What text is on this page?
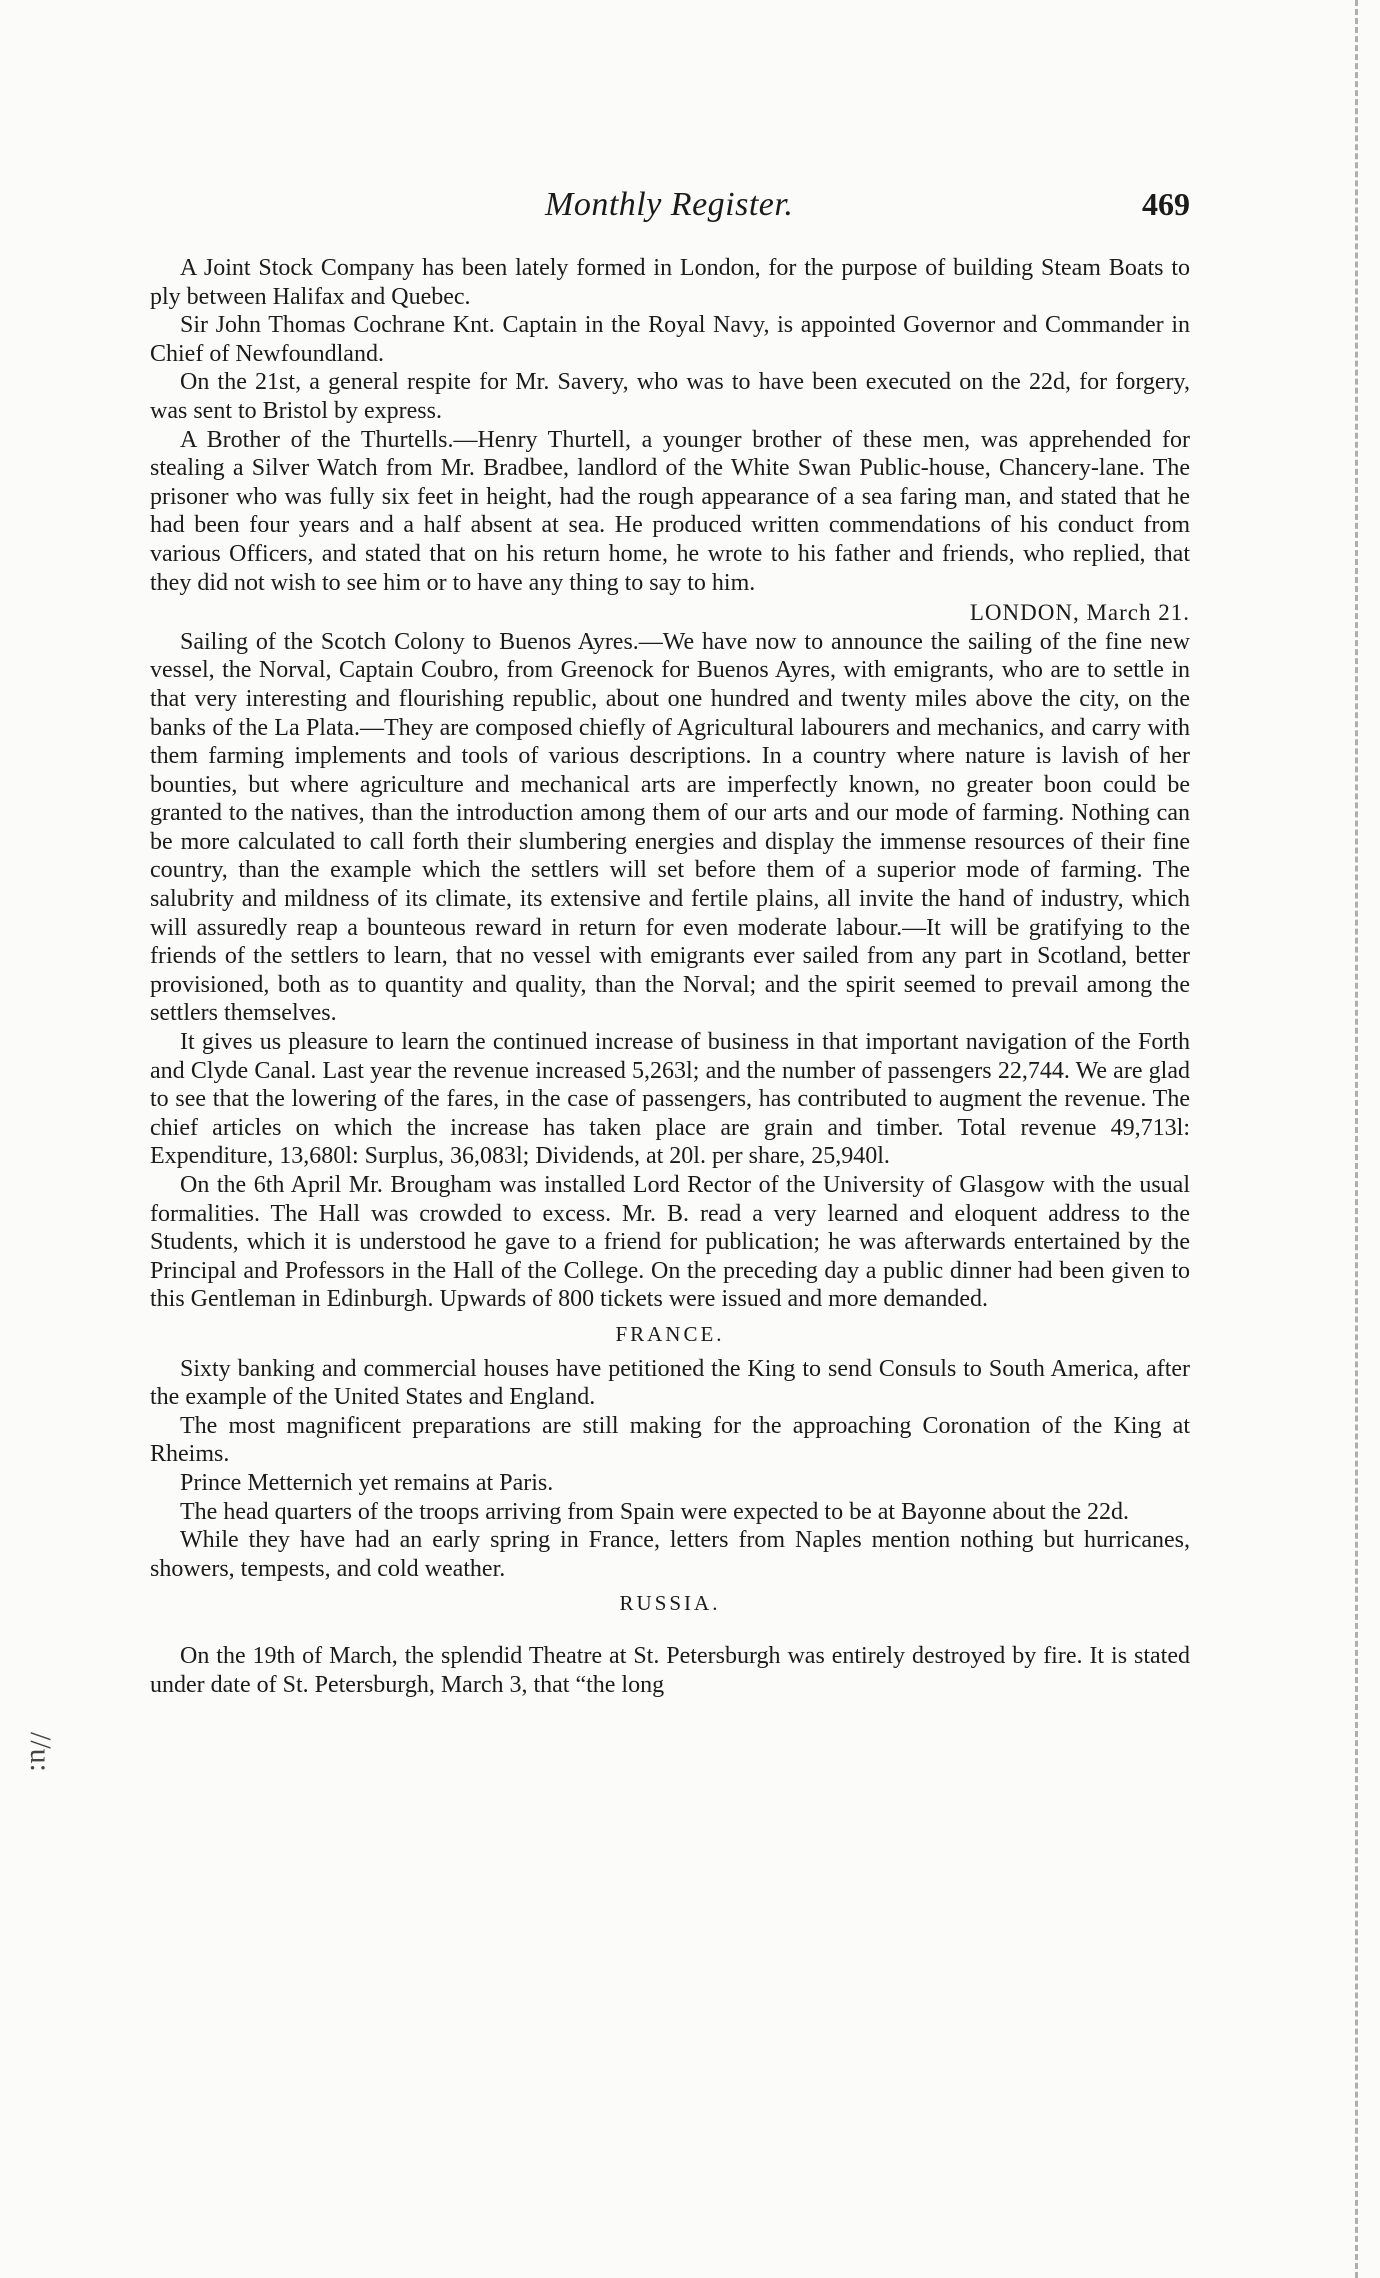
//u:
Monthly Register.	469

A Joint Stock Company has been lately formed in London, for the purpose of building Steam Boats to ply between Halifax and Quebec.

Sir John Thomas Cochrane Knt. Captain in the Royal Navy, is appointed Governor and Commander in Chief of Newfoundland.

On the 21st, a general respite for Mr. Savery, who was to have been executed on the 22d, for forgery, was sent to Bristol by express.

A Brother of the Thurtells.—Henry Thurtell, a younger brother of these men, was apprehended for stealing a Silver Watch from Mr. Bradbee, landlord of the White Swan Public-house, Chancery-lane. The prisoner who was fully six feet in height, had the rough appearance of a sea faring man, and stated that he had been four years and a half absent at sea. He produced written commendations of his conduct from various Officers, and stated that on his return home, he wrote to his father and friends, who replied, that they did not wish to see him or to have any thing to say to him.

LONDON, March 21.

Sailing of the Scotch Colony to Buenos Ayres.—We have now to announce the sailing of the fine new vessel, the Norval, Captain Coubro, from Greenock for Buenos Ayres, with emigrants, who are to settle in that very interesting and flourishing republic, about one hundred and twenty miles above the city, on the banks of the La Plata.—They are composed chiefly of Agricultural labourers and mechanics, and carry with them farming implements and tools of various descriptions. In a country where nature is lavish of her bounties, but where agriculture and mechanical arts are imperfectly known, no greater boon could be granted to the natives, than the introduction among them of our arts and our mode of farming. Nothing can be more calculated to call forth their slumbering energies and display the immense resources of their fine country, than the example which the settlers will set before them of a superior mode of farming. The salubrity and mildness of its climate, its extensive and fertile plains, all invite the hand of industry, which will assuredly reap a bounteous reward in return for even moderate labour.—It will be gratifying to the friends of the settlers to learn, that no vessel with emigrants ever sailed from any part in Scotland, better provisioned, both as to quantity and quality, than the Norval; and the spirit seemed to prevail among the settlers themselves.

It gives us pleasure to learn the continued increase of business in that important navigation of the Forth and Clyde Canal. Last year the revenue increased 5,263l; and the number of passengers 22,744. We are glad to see that the lowering of the fares, in the case of passengers, has contributed to augment the revenue. The chief articles on which the increase has taken place are grain and timber. Total revenue 49,713l: Expenditure, 13,680l: Surplus, 36,083l; Dividends, at 20l. per share, 25,940l.

On the 6th April Mr. Brougham was installed Lord Rector of the University of Glasgow with the usual formalities. The Hall was crowded to excess. Mr. B. read a very learned and eloquent address to the Students, which it is understood he gave to a friend for publication; he was afterwards entertained by the Principal and Professors in the Hall of the College. On the preceding day a public dinner had been given to this Gentleman in Edinburgh. Upwards of 800 tickets were issued and more demanded.

FRANCE.

Sixty banking and commercial houses have petitioned the King to send Consuls to South America, after the example of the United States and England.

The most magnificent preparations are still making for the approaching Coronation of the King at Rheims.

Prince Metternich yet remains at Paris.

The head quarters of the troops arriving from Spain were expected to be at Bayonne about the 22d.

While they have had an early spring in France, letters from Naples mention nothing but hurricanes, showers, tempests, and cold weather.

RUSSIA.

On the 19th of March, the splendid Theatre at St. Petersburgh was entirely destroyed by fire. It is stated under date of St. Petersburgh, March 3, that “the long
